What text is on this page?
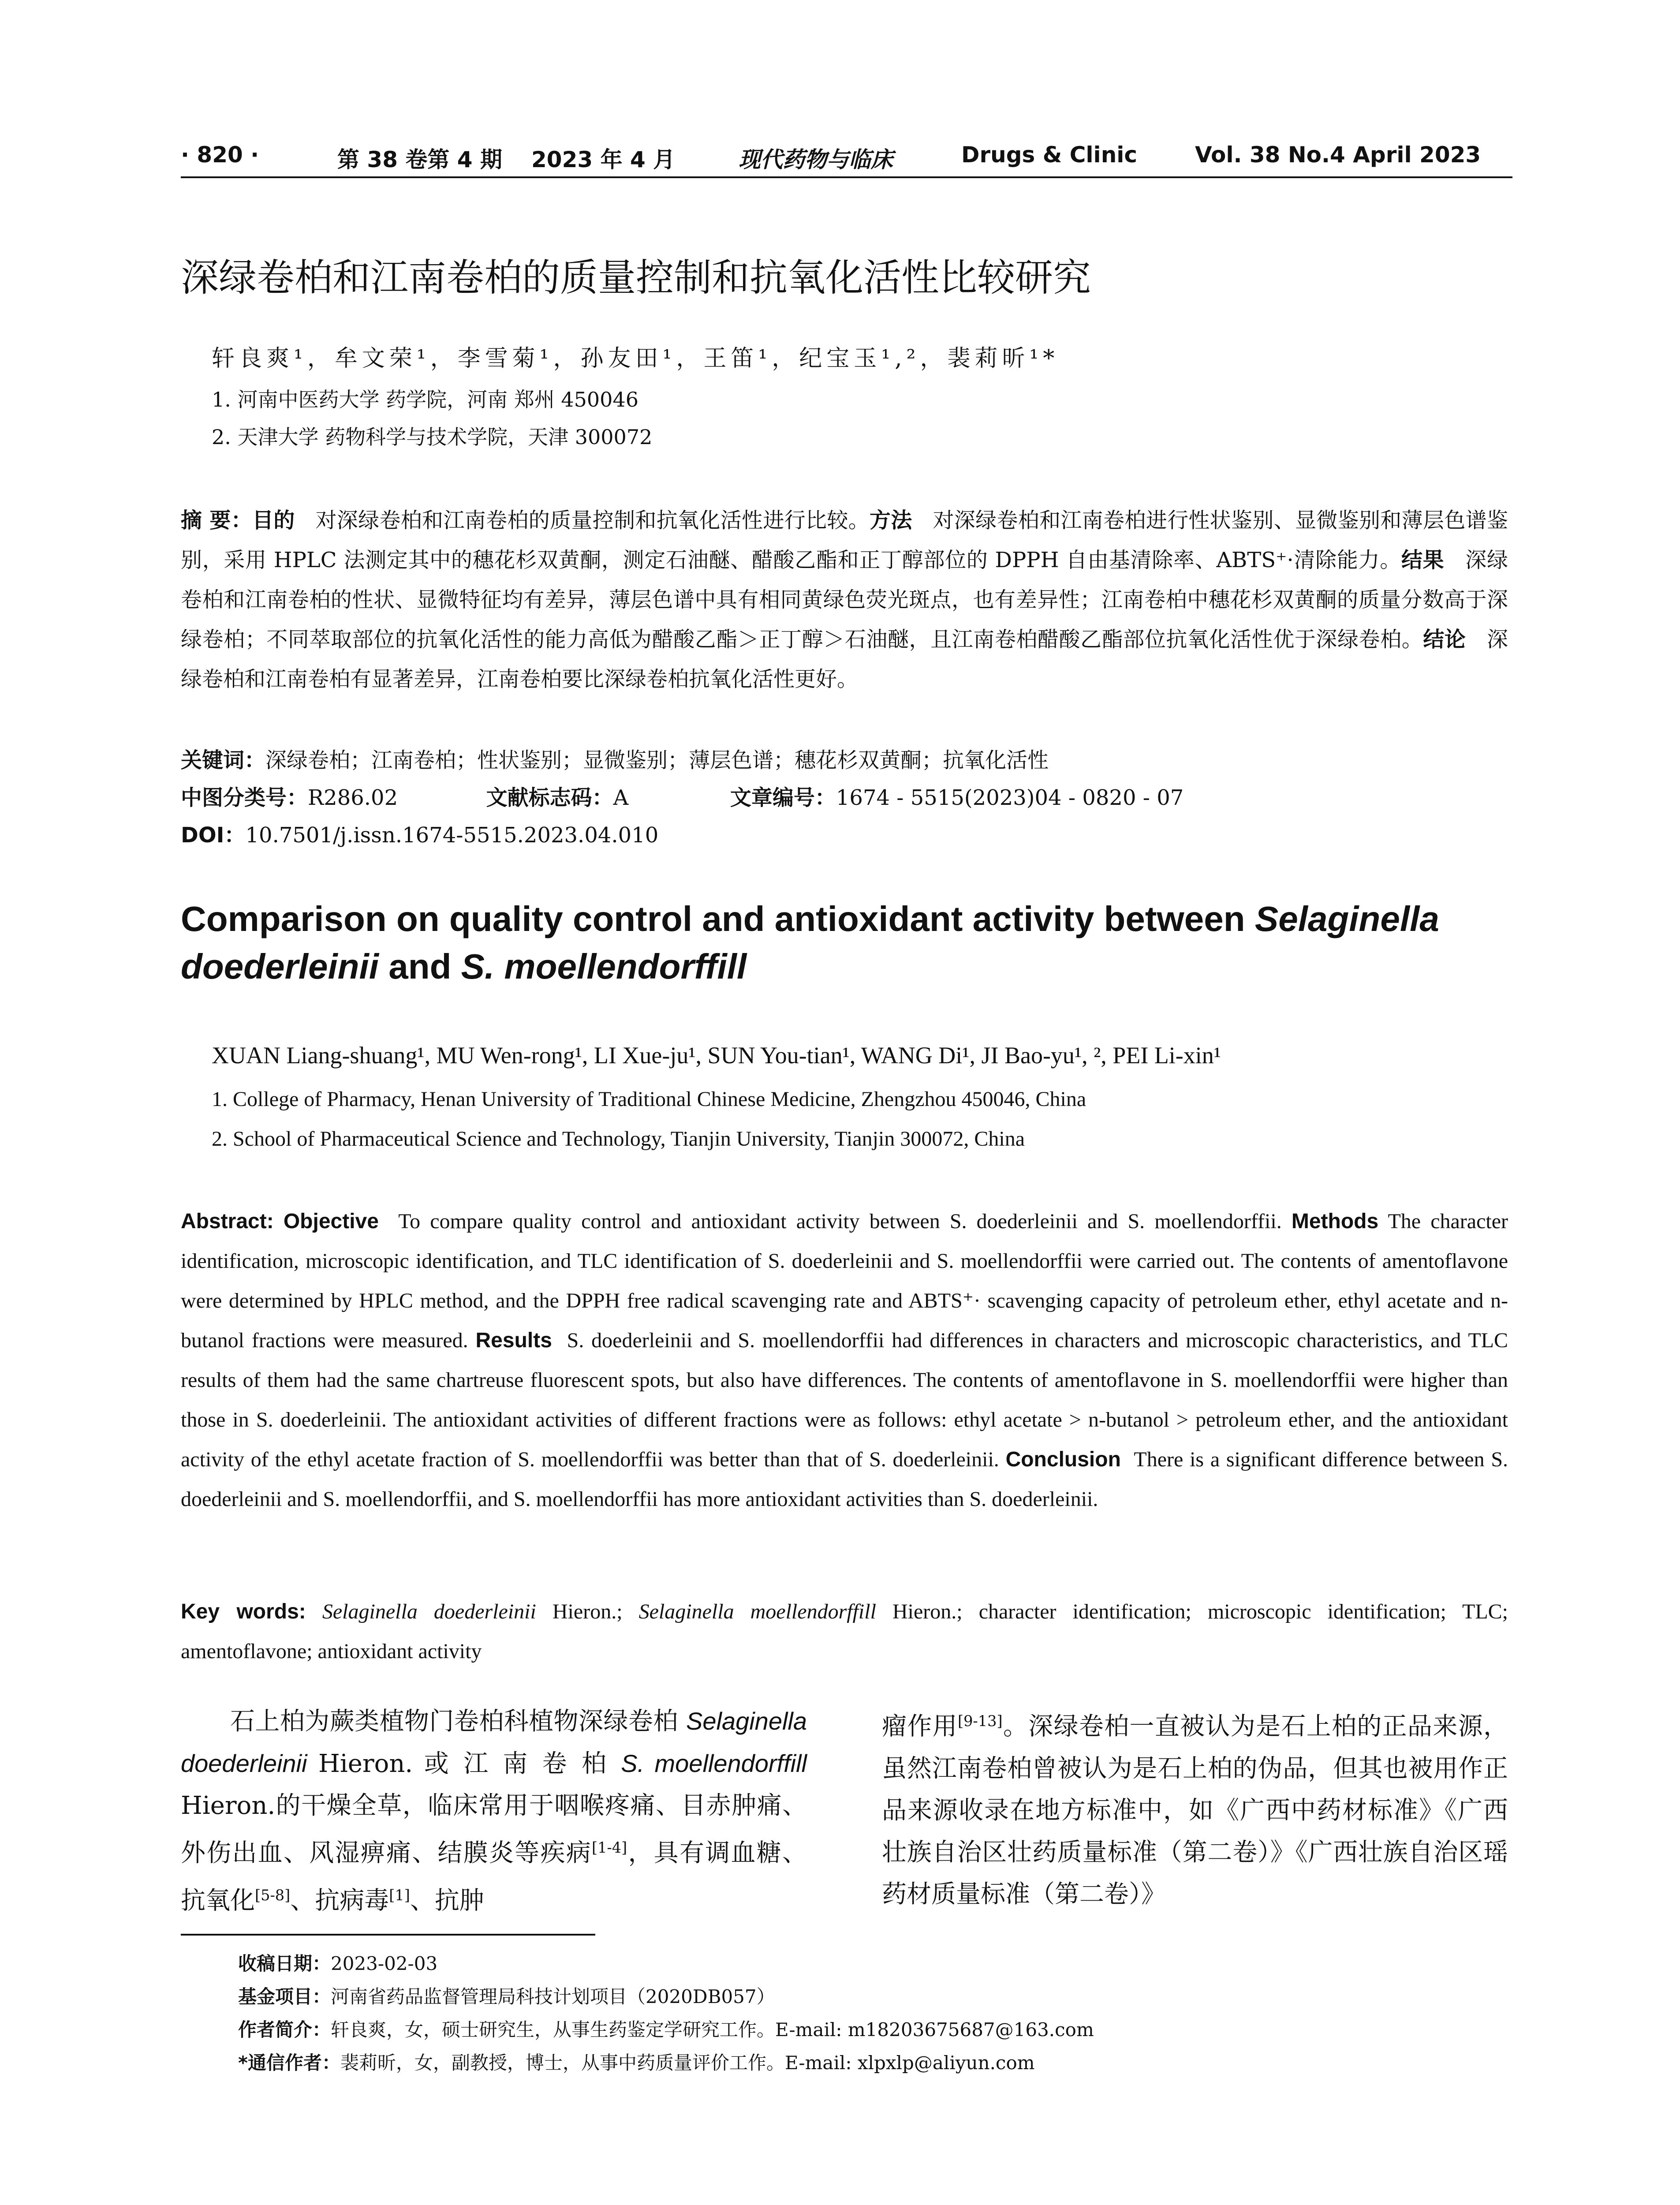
· 820 ·	第 38 卷第 4 期 2023 年 4 月	现代药物与临床	Drugs & Clinic	Vol. 38 No.4 April 2023
深绿卷柏和江南卷柏的质量控制和抗氧化活性比较研究
轩良爽¹，牟文荣¹，李雪菊¹，孙友田¹，王笛¹，纪宝玉¹,²，裴莉昕¹*
1. 河南中医药大学 药学院，河南 郑州 450046
2. 天津大学 药物科学与技术学院，天津 300072
摘 要：目的 对深绿卷柏和江南卷柏的质量控制和抗氧化活性进行比较。方法 对深绿卷柏和江南卷柏进行性状鉴别、显微鉴别和薄层色谱鉴别，采用 HPLC 法测定其中的穗花杉双黄酮，测定石油醚、醋酸乙酯和正丁醇部位的 DPPH 自由基清除率、ABTS⁺·清除能力。结果 深绿卷柏和江南卷柏的性状、显微特征均有差异，薄层色谱中具有相同黄绿色荧光斑点，也有差异性；江南卷柏中穗花杉双黄酮的质量分数高于深绿卷柏；不同萃取部位的抗氧化活性的能力高低为醋酸乙酯＞正丁醇＞石油醚，且江南卷柏醋酸乙酯部位抗氧化活性优于深绿卷柏。结论 深绿卷柏和江南卷柏有显著差异，江南卷柏要比深绿卷柏抗氧化活性更好。
关键词：深绿卷柏；江南卷柏；性状鉴别；显微鉴别；薄层色谱；穗花杉双黄酮；抗氧化活性
中图分类号：R286.02	文献标志码：A	文章编号：1674 - 5515(2023)04 - 0820 - 07
DOI：10.7501/j.issn.1674-5515.2023.04.010
Comparison on quality control and antioxidant activity between Selaginella doederleinii and S. moellendorffill
XUAN Liang-shuang¹, MU Wen-rong¹, LI Xue-ju¹, SUN You-tian¹, WANG Di¹, JI Bao-yu¹, ², PEI Li-xin¹
1. College of Pharmacy, Henan University of Traditional Chinese Medicine, Zhengzhou 450046, China
2. School of Pharmaceutical Science and Technology, Tianjin University, Tianjin 300072, China
Abstract: Objective To compare quality control and antioxidant activity between S. doederleinii and S. moellendorffii. Methods The character identification, microscopic identification, and TLC identification of S. doederleinii and S. moellendorffii were carried out. The contents of amentoflavone were determined by HPLC method, and the DPPH free radical scavenging rate and ABTS⁺· scavenging capacity of petroleum ether, ethyl acetate and n-butanol fractions were measured. Results S. doederleinii and S. moellendorffii had differences in characters and microscopic characteristics, and TLC results of them had the same chartreuse fluorescent spots, but also have differences. The contents of amentoflavone in S. moellendorffii were higher than those in S. doederleinii. The antioxidant activities of different fractions were as follows: ethyl acetate > n-butanol > petroleum ether, and the antioxidant activity of the ethyl acetate fraction of S. moellendorffii was better than that of S. doederleinii. Conclusion There is a significant difference between S. doederleinii and S. moellendorffii, and S. moellendorffii has more antioxidant activities than S. doederleinii.
Key words: Selaginella doederleinii Hieron.; Selaginella moellendorffill Hieron.; character identification; microscopic identification; TLC; amentoflavone; antioxidant activity
石上柏为蕨类植物门卷柏科植物深绿卷柏 Selaginella doederleinii Hieron. 或 江 南 卷 柏 S. moellendorffill Hieron.的干燥全草，临床常用于咽喉疼痛、目赤肿痛、外伤出血、风湿痹痛、结膜炎等疾病[1-4]，具有调血糖、抗氧化[5-8]、抗病毒[1]、抗肿
瘤作用[9-13]。深绿卷柏一直被认为是石上柏的正品来源，虽然江南卷柏曾被认为是石上柏的伪品，但其也被用作正品来源收录在地方标准中，如《广西中药材标准》《广西壮族自治区壮药质量标准（第二卷）》《广西壮族自治区瑶药材质量标准（第二卷）》
收稿日期：2023-02-03
基金项目：河南省药品监督管理局科技计划项目（2020DB057）
作者简介：轩良爽，女，硕士研究生，从事生药鉴定学研究工作。E-mail: m18203675687@163.com
*通信作者：裴莉昕，女，副教授，博士，从事中药质量评价工作。E-mail: xlpxlp@aliyun.com
